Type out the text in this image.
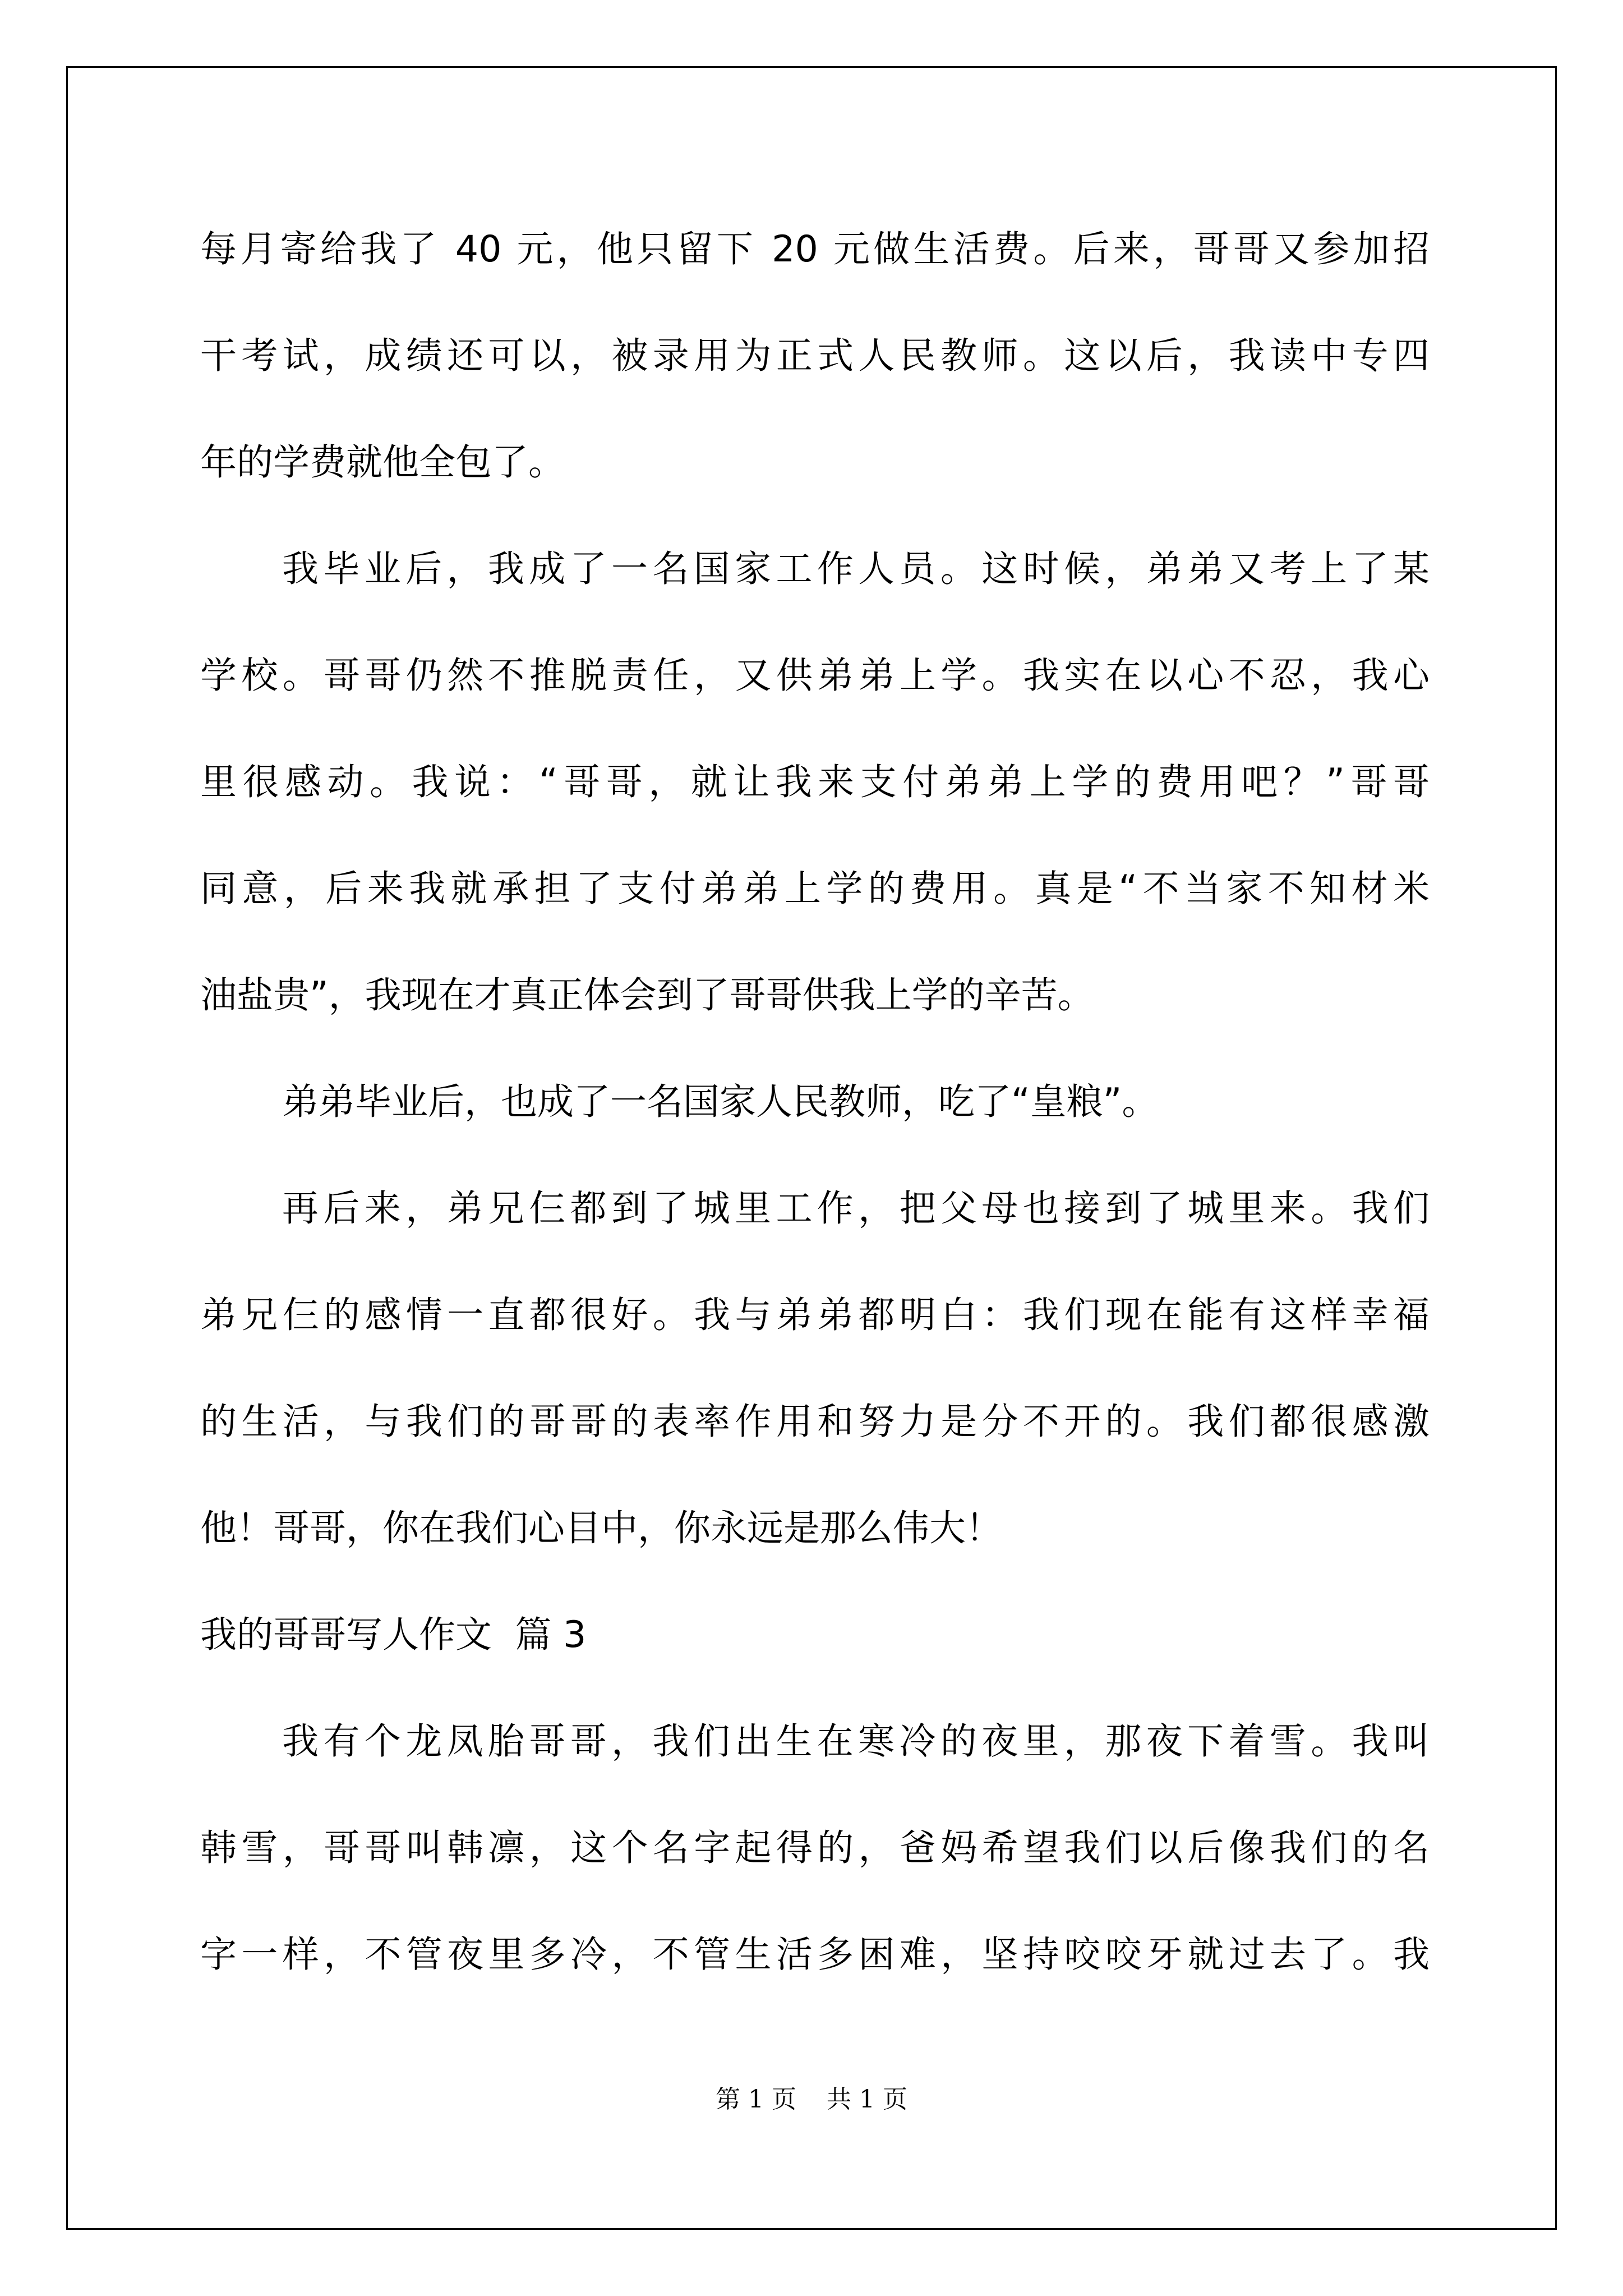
每月寄给我了 40 元，他只留下 20 元做生活费。后来，哥哥又参加招
干考试，成绩还可以，被录用为正式人民教师。这以后，我读中专四
年的学费就他全包了。
我毕业后，我成了一名国家工作人员。这时候，弟弟又考上了某
学校。哥哥仍然不推脱责任，又供弟弟上学。我实在以心不忍，我心
里很感动。我说：“哥哥，就让我来支付弟弟上学的费用吧？”哥哥
同意，后来我就承担了支付弟弟上学的费用。真是“不当家不知材米
油盐贵”，我现在才真正体会到了哥哥供我上学的辛苦。
弟弟毕业后，也成了一名国家人民教师，吃了“皇粮”。
再后来，弟兄仨都到了城里工作，把父母也接到了城里来。我们
弟兄仨的感情一直都很好。我与弟弟都明白：我们现在能有这样幸福
的生活，与我们的哥哥的表率作用和努力是分不开的。我们都很感激
他！哥哥，你在我们心目中，你永远是那么伟大！
我的哥哥写人作文  篇 3
我有个龙凤胎哥哥，我们出生在寒冷的夜里，那夜下着雪。我叫
韩雪，哥哥叫韩凛，这个名字起得的，爸妈希望我们以后像我们的名
字一样，不管夜里多冷，不管生活多困难，坚持咬咬牙就过去了。我
第 1 页 共 1 页
